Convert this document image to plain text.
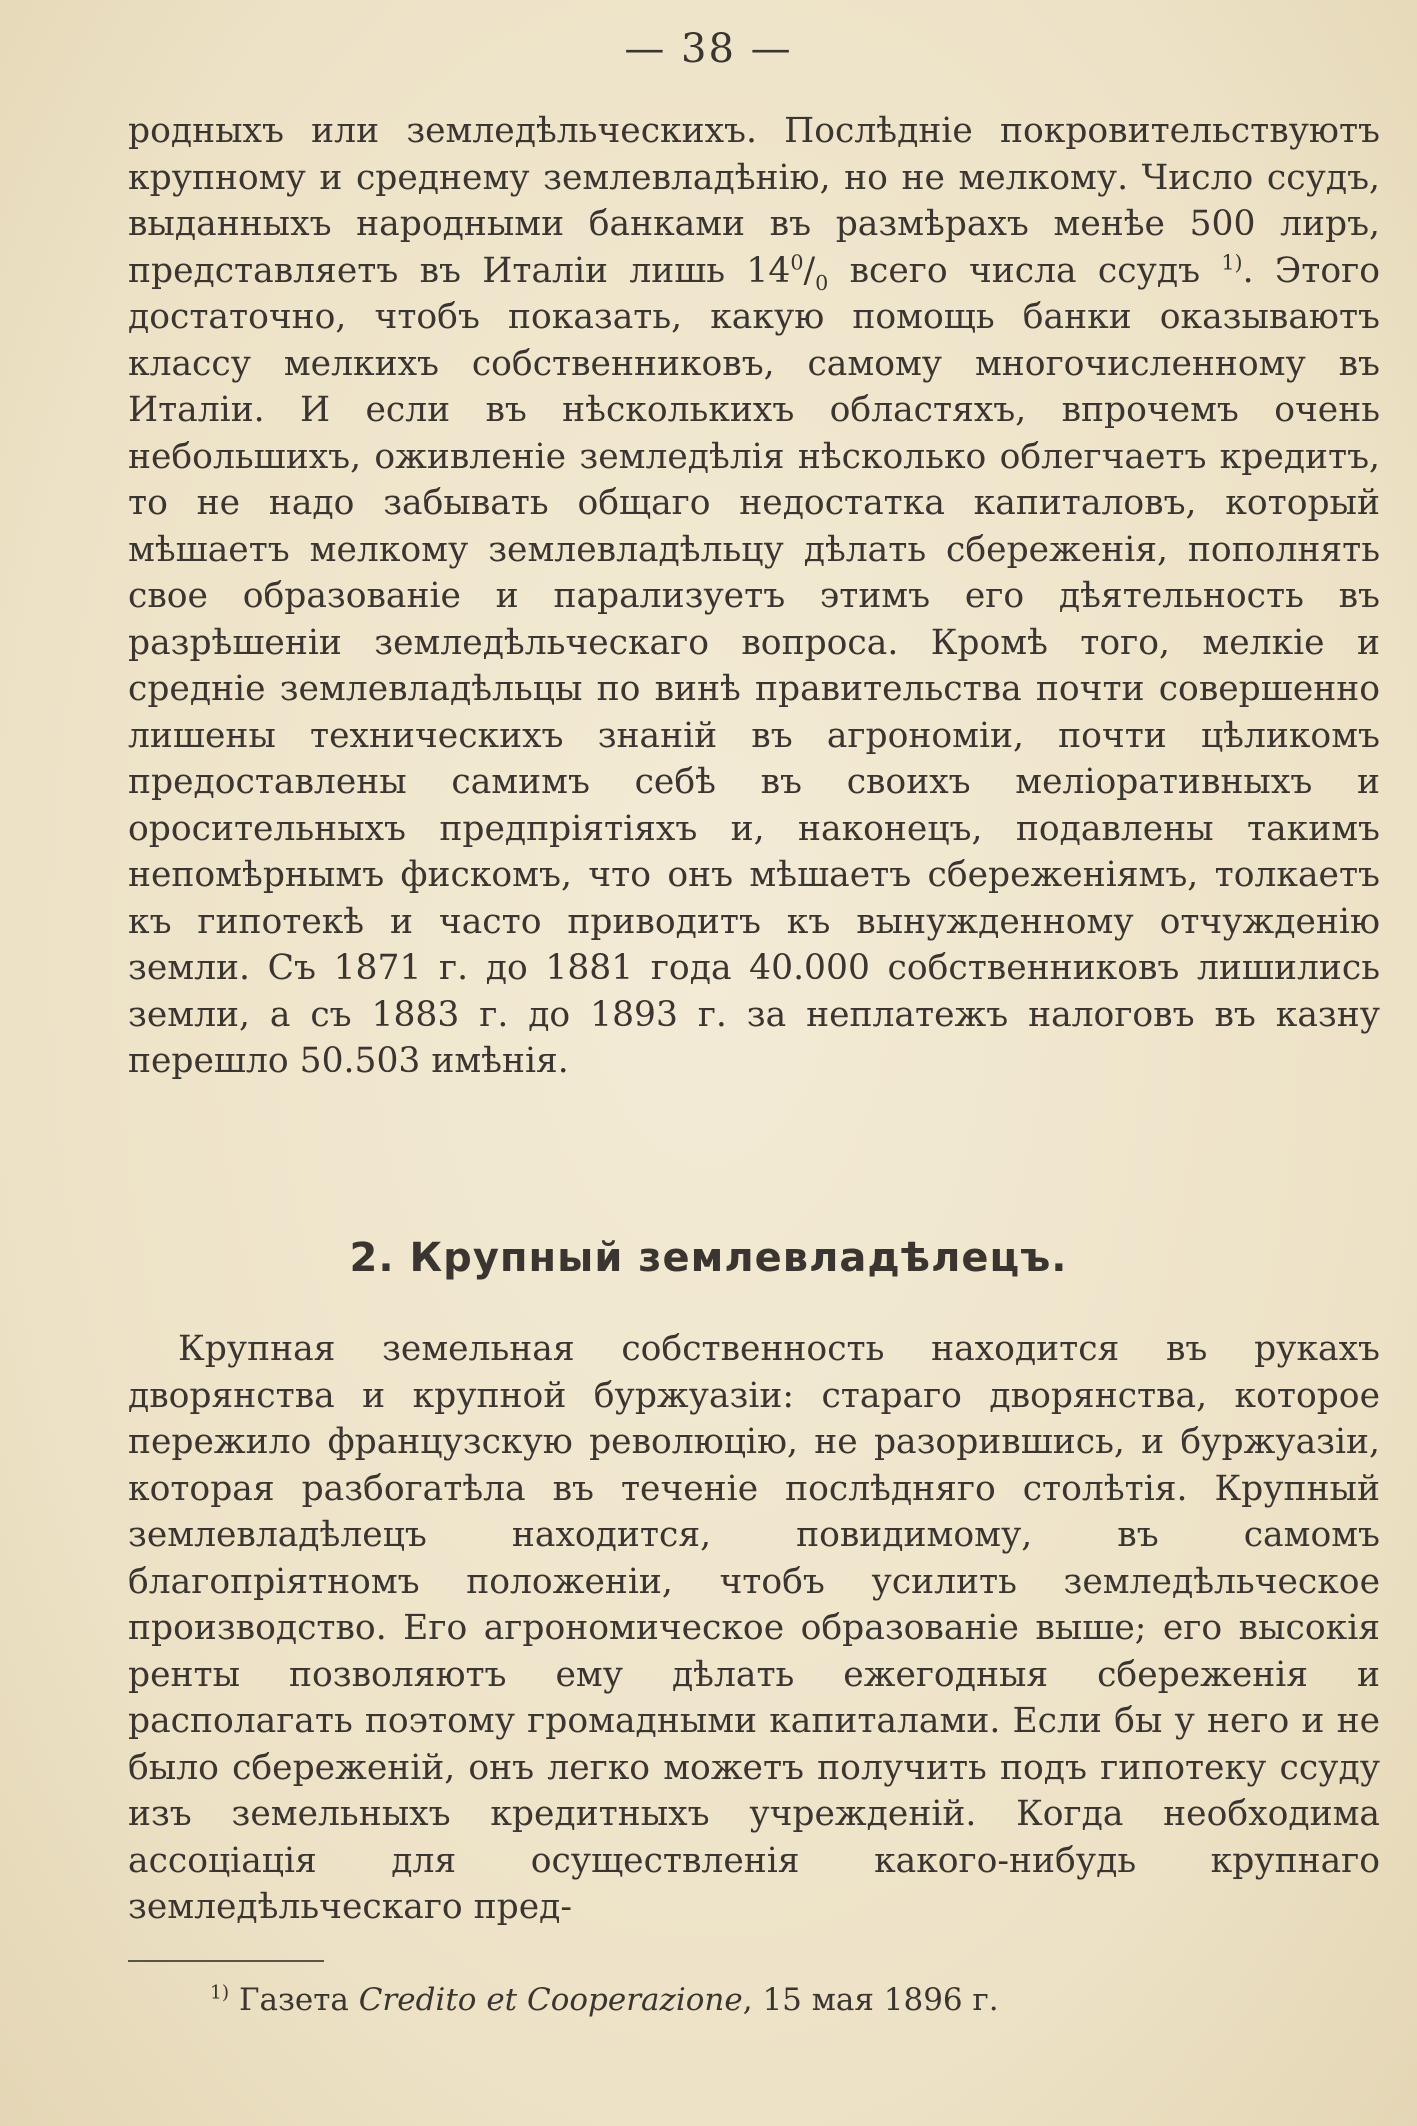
— 38 —

родныхъ или земледѣльческихъ. Послѣдніе покровительствуютъ крупному и среднему землевладѣнію, но не мелкому. Число ссудъ, выданныхъ народными банками въ размѣрахъ менѣе 500 лиръ, представляетъ въ Италіи лишь $14^0/_0$ всего числа ссудъ $^{1)}$. Этого достаточно, чтобъ показать, какую помощь банки оказываютъ классу мелкихъ собственниковъ, самому многочисленному въ Италіи. И если въ нѣсколькихъ областяхъ, впрочемъ очень небольшихъ, оживленіе земледѣлія нѣсколько облегчаетъ кредитъ, то не надо забывать общаго недостатка капиталовъ, который мѣшаетъ мелкому землевладѣльцу дѣлать сбереженія, пополнять свое образованіе и парализуетъ этимъ его дѣятельность въ разрѣшеніи земледѣльческаго вопроса. Кромѣ того, мелкіе и средніе землевладѣльцы по винѣ правительства почти совершенно лишены техническихъ знаній въ агрономіи, почти цѣликомъ предоставлены самимъ себѣ въ своихъ меліоративныхъ и оросительныхъ предпріятіяхъ и, наконецъ, подавлены такимъ непомѣрнымъ фискомъ, что онъ мѣшаетъ сбереженіямъ, толкаетъ къ гипотекѣ и часто приводитъ къ вынужденному отчужденію земли. Съ 1871 г. до 1881 года 40.000 собственниковъ лишились земли, а съ 1883 г. до 1893 г. за неплатежъ налоговъ въ казну перешло 50.503 имѣнія.

2. Крупный землевладѣлецъ.

Крупная земельная собственность находится въ рукахъ дворянства и крупной буржуазіи: стараго дворянства, которое пережило французскую революцію, не разорившись, и буржуазіи, которая разбогатѣла въ теченіе послѣдняго столѣтія. Крупный землевладѣлецъ находится, повидимому, въ самомъ благопріятномъ положеніи, чтобъ усилить земледѣльческое производство. Его агрономическое образованіе выше; его высокія ренты позволяютъ ему дѣлать ежегодныя сбереженія и располагать поэтому громадными капиталами. Если бы у него и не было сбереженій, онъ легко можетъ получить подъ гипотеку ссуду изъ земельныхъ кредитныхъ учрежденій. Когда необходима ассоціація для осуществленія какого-нибудь крупнаго земледѣльческаго пред-

$^{1)}$ Газета Credito et Cooperazione, 15 мая 1896 г.
